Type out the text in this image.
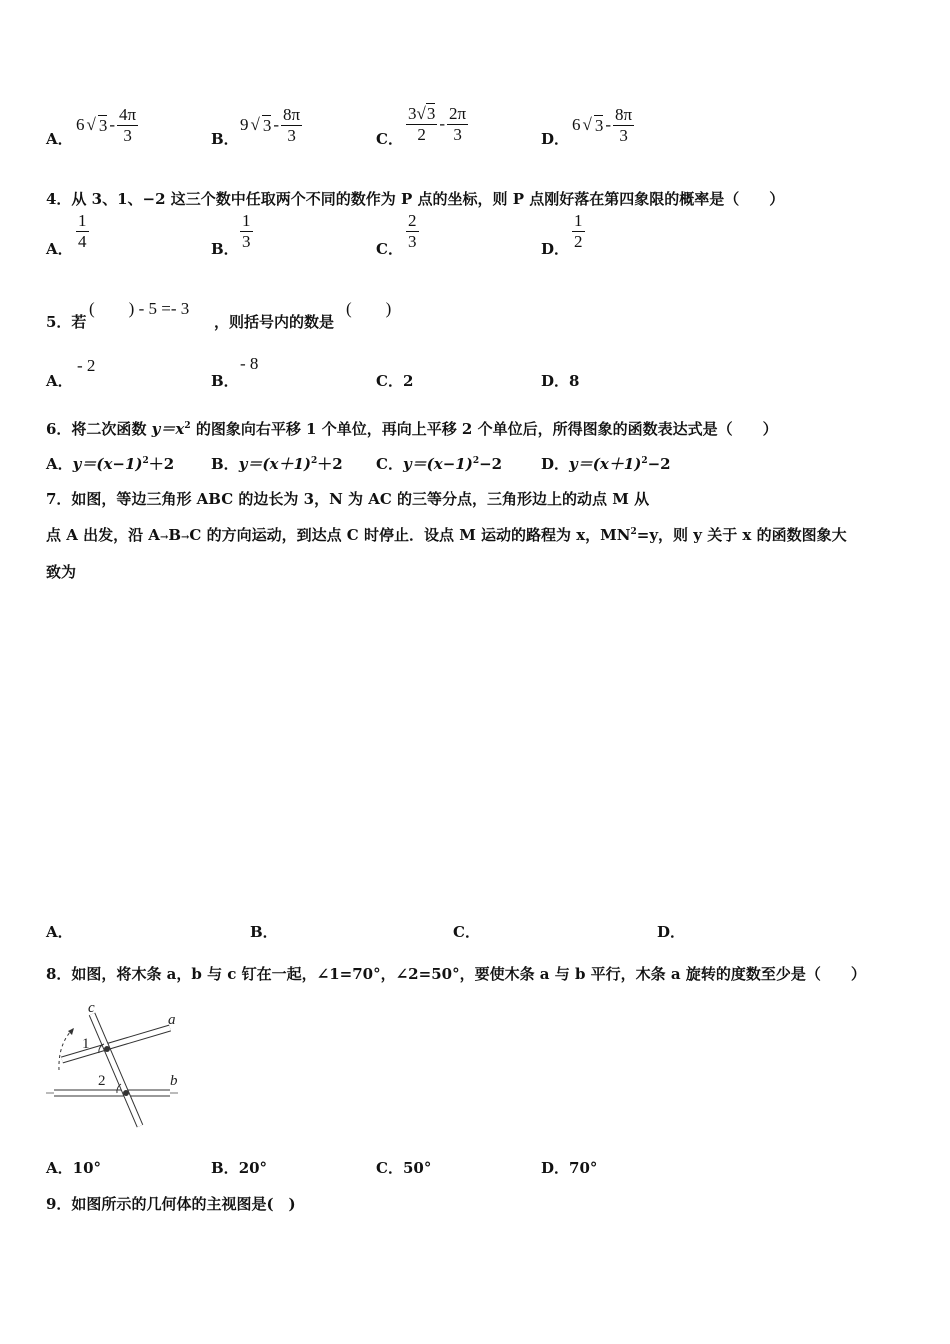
A．
6 √ $3 - \frac{4\pi}{3}$	B．
9 √ $3 - \frac{8\pi}{3}$	C． $\frac{3√3}{2} - \frac{2\pi}{3}$	D．
6 √ $3 - \frac{8\pi}{3}$
4．从 3、1、−2 这三个数中任取两个不同的数作为 P 点的坐标，则 P 点刚好落在第四象限的概率是（　　）
A． $\frac{1}{4}$	B． $\frac{1}{3}$	C． $\frac{2}{3}$	D． $\frac{1}{2}$
5．若
(　　) - 5 =- 3
，则括号内的数是
(　　)
A．
- 2
B．
- 8
C．2	D．8
6．将二次函数 $y=x^2$ 的图象向右平移 1 个单位，再向上平移 2 个单位后，所得图象的函数表达式是（　　）
A．$y=(x-1)^2+2$ B．$y=(x+1)^2+2$ C．$y=(x-1)^2-2$	D．$y=(x+1)^2-2$
7．如图，等边三角形 ABC 的边长为 3，N 为 AC 的三等分点，三角形边上的动点 M 从
点 A 出发，沿 A→B→C 的方向运动，到达点 C 时停止．设点 M 运动的路程为 x，$MN^2=y$，则 y 关于 x 的函数图象大
致为
A．	B．	C．	D．
8．如图，将木条 a，b 与 c 钉在一起，∠1=70°，∠2=50°，要使木条 a 与 b 平行，木条 a 旋转的度数至少是（　　）
c
a
b
1
2
A．10°	B．20°	C．50°	D．70°
9．如图所示的几何体的主视图是(　)
